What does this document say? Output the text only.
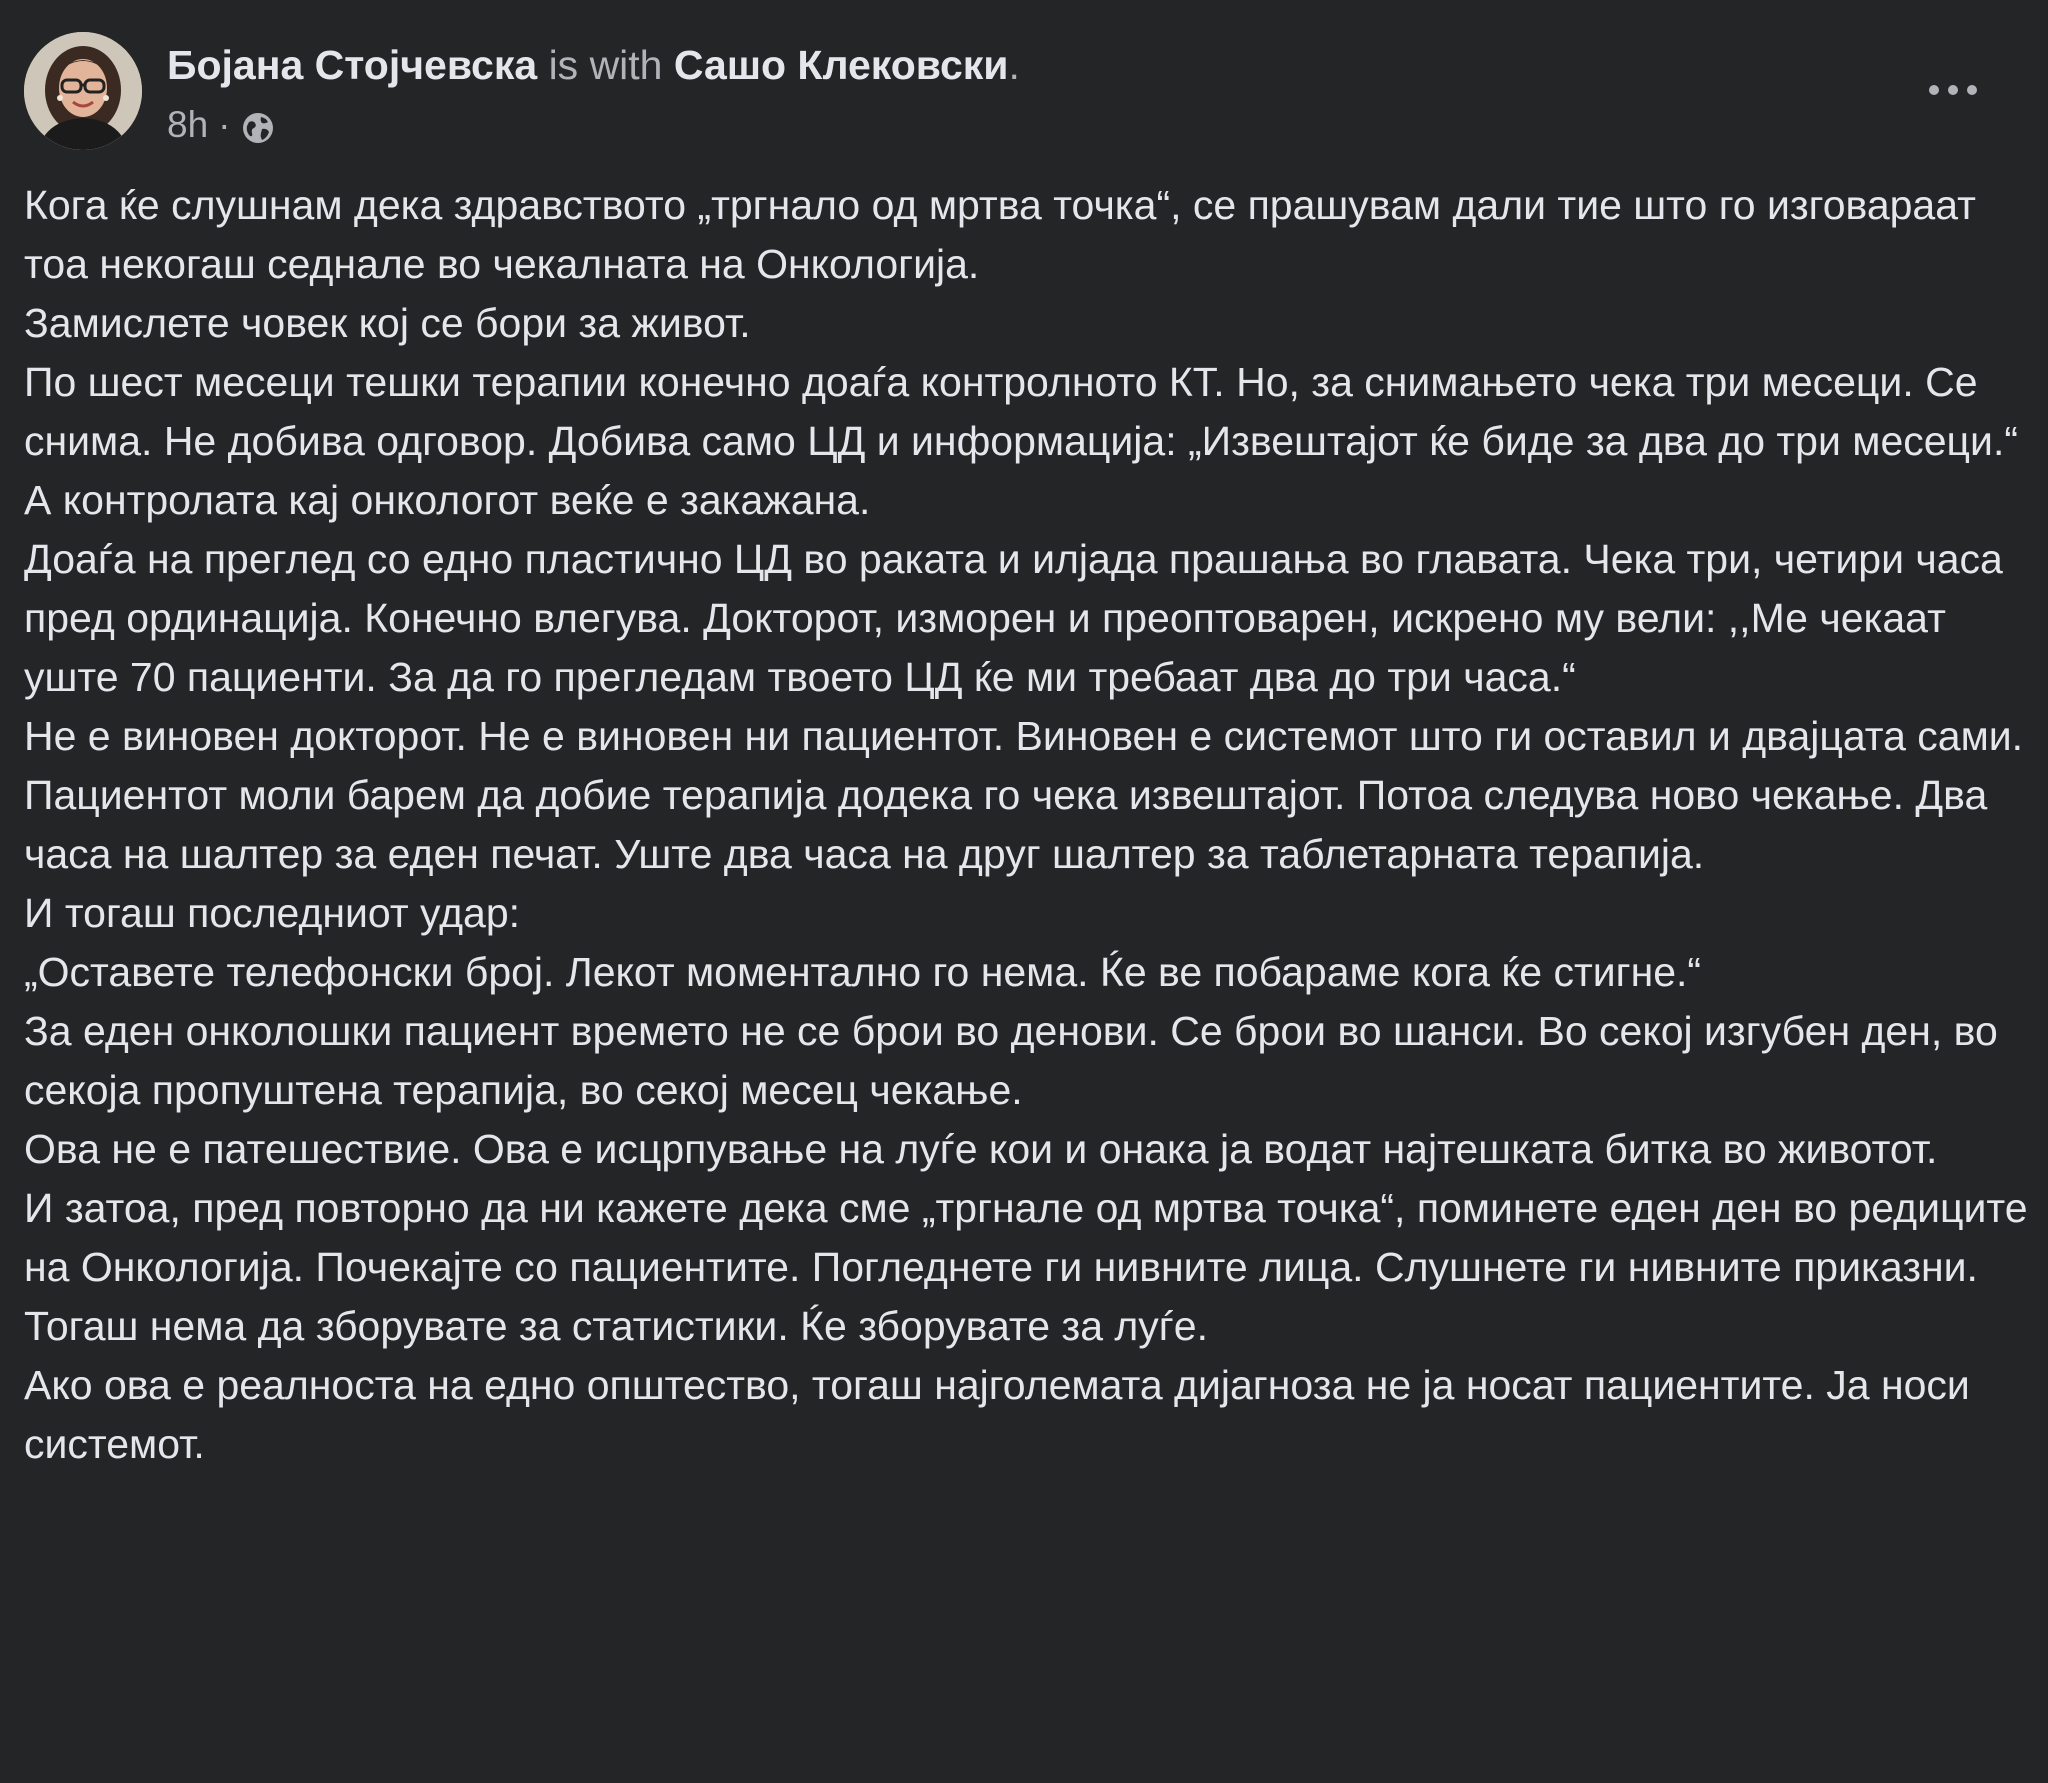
Бојана Стојчевска is with Сашо Клековски.
8h ·

Кога ќе слушнам дека здравството „тргнало од мртва точка“, се прашувам дали тие што го изговараат тоа некогаш седнале во чекалната на Онкологија.

Замислете човек кој се бори за живот.

По шест месеци тешки терапии конечно доаѓа контролното КТ. Но, за снимањето чека три месеци. Се снима. Не добива одговор. Добива само ЦД и информација: „Извештајот ќе биде за два до три месеци.“ А контролата кај онкологот веќе е закажана.

Доаѓа на преглед со едно пластично ЦД во раката и илјада прашања во главата. Чека три, четири часа пред ординација. Конечно влегува. Докторот, изморен и преоптоварен, искрено му вели: ,,Ме чекаат уште 70 пациенти. За да го прегледам твоето ЦД ќе ми требаат два до три часа.“

Не е виновен докторот. Не е виновен ни пациентот. Виновен е системот што ги оставил и двајцата сами.

Пациентот моли барем да добие терапија додека го чека извештајот. Потоа следува ново чекање. Два часа на шалтер за еден печат. Уште два часа на друг шалтер за таблетарната терапија.

И тогаш последниот удар:

„Оставете телефонски број. Лекот моментално го нема. Ќе ве побараме кога ќе стигне.“

За еден онколошки пациент времето не се брои во денови. Се брои во шанси. Во секој изгубен ден, во секоја пропуштена терапија, во секој месец чекање.

Ова не е патешествие. Ова е исцрпување на луѓе кои и онака ја водат најтешката битка во животот.

И затоа, пред повторно да ни кажете дека сме „тргнале од мртва точка“, поминете еден ден во редиците на Онкологија. Почекајте со пациентите. Погледнете ги нивните лица. Слушнете ги нивните приказни.

Тогаш нема да зборувате за статистики. Ќе зборувате за луѓе.

Ако ова е реалноста на едно општество, тогаш најголемата дијагноза не ја носат пациентите. Ја носи системот.
